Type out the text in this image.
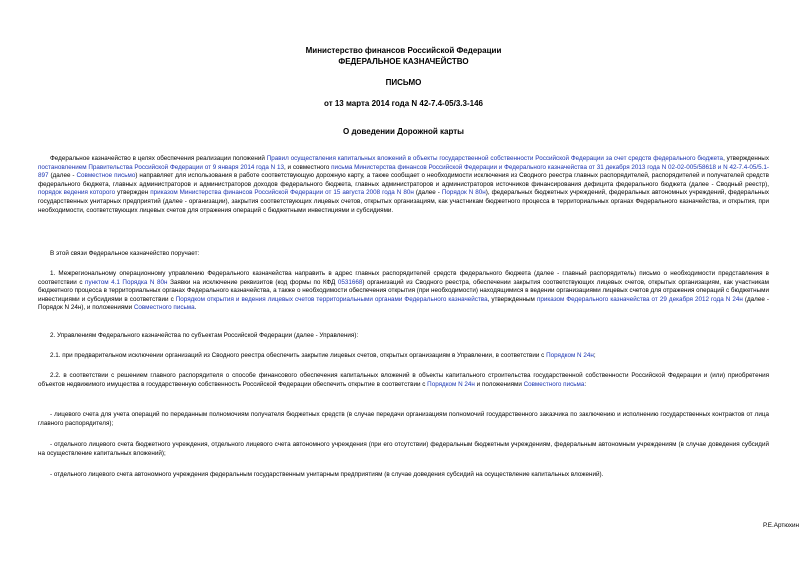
Министерство финансов Российской Федерации
ФЕДЕРАЛЬНОЕ КАЗНАЧЕЙСТВО
ПИСЬМО
от 13 марта 2014 года N 42-7.4-05/3.3-146
О доведении Дорожной карты

Федеральное казначейство в целях обеспечения реализации положений Правил осуществления капитальных вложений в объекты государственной собственности Российской Федерации за счет средств федерального бюджета, утвержденных постановлением Правительства Российской Федерации от 9 января 2014 года N 13, и совместного письма Министерства финансов Российской Федерации и Федерального казначейства от 31 декабря 2013 года N 02-02-005/58618 и N 42-7.4-05/5.1-897 (далее - Совместное письмо) направляет для использования в работе соответствующую дорожную карту, а также сообщает о необходимости исключения из Сводного реестра главных распорядителей, распорядителей и получателей средств федерального бюджета, главных администраторов и администраторов доходов федерального бюджета, главных администраторов и администраторов источников финансирования дефицита федерального бюджета (далее - Сводный реестр), порядок ведения которого утвержден приказом Министерства финансов Российской Федерации от 15 августа 2008 года N 80н (далее - Порядок N 80н), федеральных бюджетных учреждений, федеральных автономных учреждений, федеральных государственных унитарных предприятий (далее - организации), закрытия соответствующих лицевых счетов, открытых организациям, как участникам бюджетного процесса в территориальных органах Федерального казначейства, и открытия, при необходимости, соответствующих лицевых счетов для отражения операций с бюджетными инвестициями и субсидиями.

В этой связи Федеральное казначейство поручает:

1. Межрегиональному операционному управлению Федерального казначейства направить в адрес главных распорядителей средств федерального бюджета (далее - главный распорядитель) письмо о необходимости представления в соответствии с пунктом 4.1 Порядка N 80н Заявки на исключение реквизитов (код формы по КФД 0531668) организаций из Сводного реестра, обеспечении закрытия соответствующих лицевых счетов, открытых организациям, как участникам бюджетного процесса в территориальных органах Федерального казначейства, а также о необходимости обеспечения открытия (при необходимости) находящимися в ведении организациями лицевых счетов для отражения операций с бюджетными инвестициями и субсидиями в соответствии с Порядком открытия и ведения лицевых счетов территориальными органами Федерального казначейства, утвержденным приказом Федерального казначейства от 29 декабря 2012 года N 24н (далее - Порядок N 24н), и положениями Совместного письма.

2. Управлениям Федерального казначейства по субъектам Российской Федерации (далее - Управления):

2.1. при предварительном исключении организаций из Сводного реестра обеспечить закрытие лицевых счетов, открытых организациям в Управлении, в соответствии с Порядком N 24н;

2.2. в соответствии с решением главного распорядителя о способе финансового обеспечения капитальных вложений в объекты капитального строительства государственной собственности Российской Федерации и (или) приобретения объектов недвижимого имущества в государственную собственность Российской Федерации обеспечить открытие в соответствии с Порядком N 24н и положениями Совместного письма:

- лицевого счета для учета операций по переданным полномочиям получателя бюджетных средств (в случае передачи организациям полномочий государственного заказчика по заключению и исполнению государственных контрактов от лица главного распорядителя);

- отдельного лицевого счета бюджетного учреждения, отдельного лицевого счета автономного учреждения (при его отсутствии) федеральным бюджетным учреждениям, федеральным автономным учреждениям (в случае доведения субсидий на осуществление капитальных вложений);

- отдельного лицевого счета автономного учреждения федеральным государственным унитарным предприятиям (в случае доведения субсидий на осуществление капитальных вложений).

Р.Е.Артюхин
